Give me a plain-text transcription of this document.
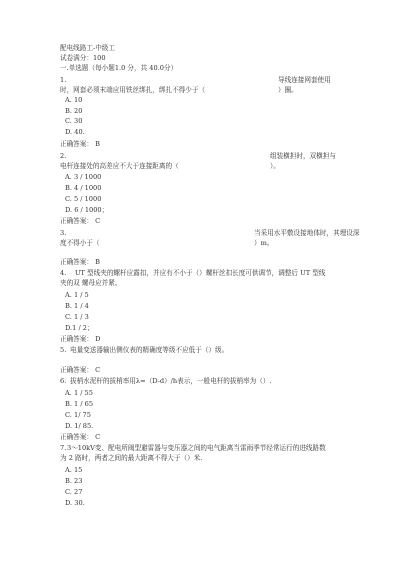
配电线路工-中级工
试卷满分：100
一.单选题（每小题1.0 分，共 40.0分）
1.	导线连接网套使用
时，网套必须末端应用铁丝绑扎，绑扎不得少于（	）圈。
A. 10
B. 20
C. 30
D. 40.
正确答案： B
2.	组装横担时，双横担与
电杆连接处的高差应不大于连接距离的（	）。
A. 3 / 1000
B. 4 / 1000
C. 5 / 1000
D. 6 / 1000；
正确答案： C
3.	当采用水平敷设接地体时，其埋设深
度不得小于（	）m。
正确答案： B
4. UT 型线夹的螺杆应露扣，并应有不小于（）螺杆丝扣长度可供调节，调整后 UT 型线
夹的双 螺母应并紧。
A. 1 / 5
B. 1 / 4
C. 1 / 3
D.1 / 2；
正确答案： D
5. 电量变送器输出侧仪表的精确度等级不应低于（）级。
正确答案： C
6. 拔梢水泥杆的拔梢率用λ=（D-d）/h表示，一般电杆的拔梢率为（）.
A. 1 / 55
B. 1 / 65
C. 1/ 75
D. 1/ 85.
正确答案： C
7. 3～10kV变、配电所阀型避雷器与变压器之间的电气距离当雷雨季节经常运行的进线路数
为 2 路时，两者之间的最大距离不得大于（）米.
A. 15
B. 23
C. 27
D. 30.
